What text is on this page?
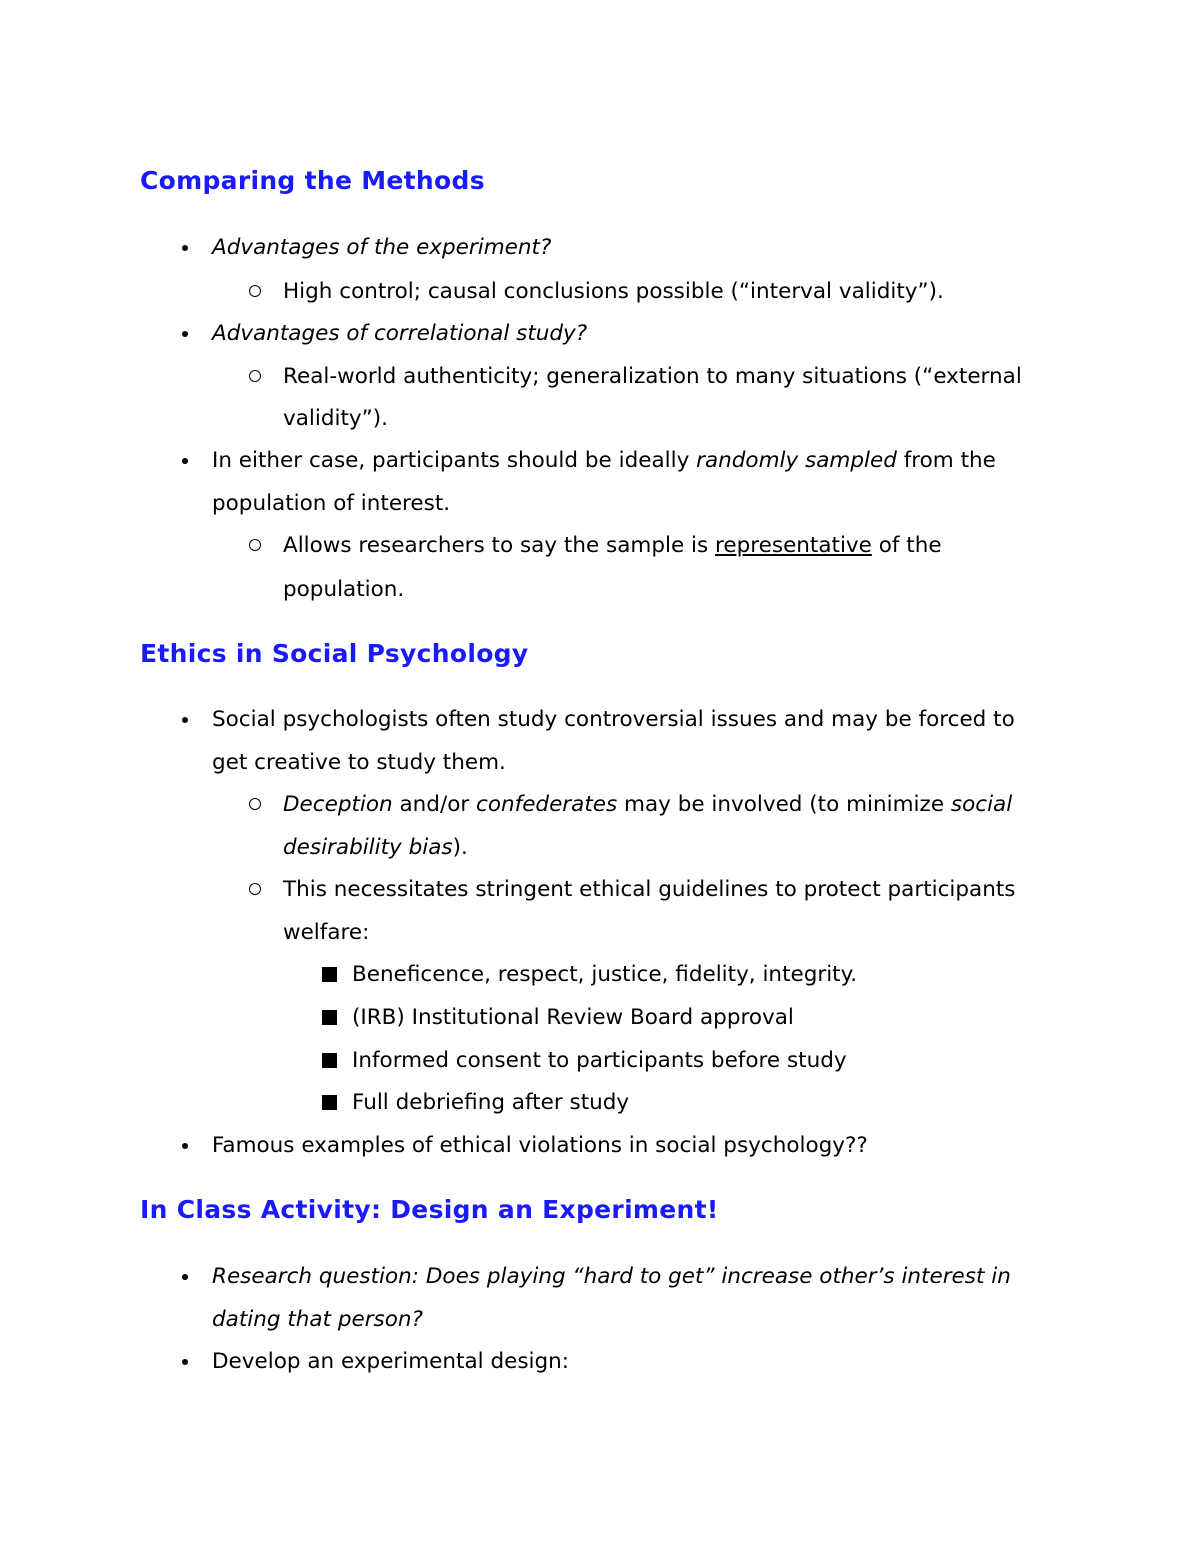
Comparing the Methods
Advantages of the experiment?
High control; causal conclusions possible (“interval validity”).
Advantages of correlational study?
Real-world authenticity; generalization to many situations (“external
validity”).
In either case, participants should be ideally randomly sampled from the
population of interest.
Allows researchers to say the sample is representative of the
population.
Ethics in Social Psychology
Social psychologists often study controversial issues and may be forced to
get creative to study them.
Deception and/or confederates may be involved (to minimize social
desirability bias).
This necessitates stringent ethical guidelines to protect participants
welfare:
Beneficence, respect, justice, fidelity, integrity.
(IRB) Institutional Review Board approval
Informed consent to participants before study
Full debriefing after study
Famous examples of ethical violations in social psychology??
In Class Activity: Design an Experiment!
Research question: Does playing “hard to get” increase other’s interest in
dating that person?
Develop an experimental design:
